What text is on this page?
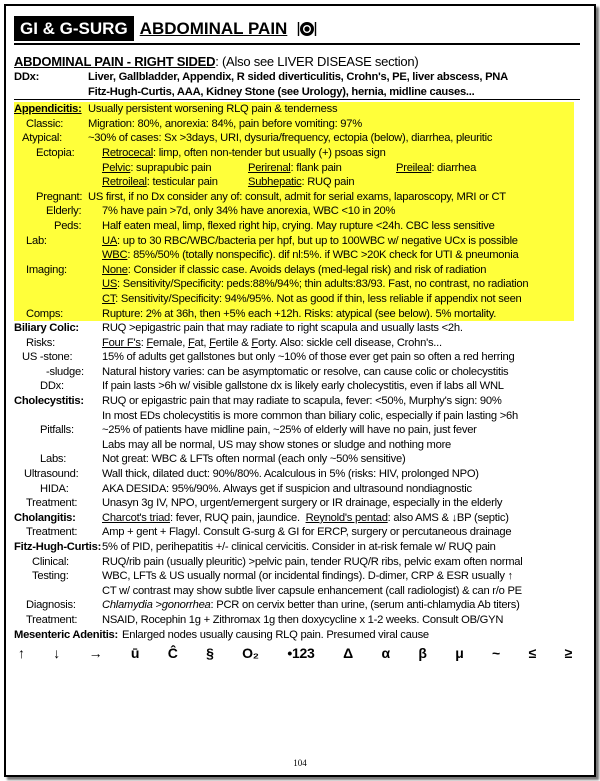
GI & G-SURG ABDOMINAL PAIN
ABDOMINAL PAIN - RIGHT SIDED: (Also see LIVER DISEASE section)
DDx:	Liver, Gallbladder, Appendix, R sided diverticulitis, Crohn's, PE, liver abscess, PNA
Fitz-Hugh-Curtis, AAA, Kidney Stone (see Urology), hernia, midline causes...
Appendicitis: Usually persistent worsening RLQ pain & tenderness
Classic:	Migration: 80%, anorexia: 84%, pain before vomiting: 97%
Atypical:	~30% of cases: Sx >3days, URI, dysuria/frequency, ectopia (below), diarrhea, pleuritic
Ectopia:	Retrocecal: limp, often non-tender but usually (+) psoas sign
Pelvic: suprapubic pain	Perirenal: flank pain	Preileal: diarrhea
Retroileal: testicular pain	Subhepatic: RUQ pain
Pregnant: US first, if no Dx consider any of: consult, admit for serial exams, laparoscopy, MRI or CT
Elderly:	7% have pain >7d, only 34% have anorexia, WBC <10 in 20%
Peds:	Half eaten meal, limp, flexed right hip, crying. May rupture <24h. CBC less sensitive
Lab:	UA: up to 30 RBC/WBC/bacteria per hpf, but up to 100WBC w/ negative UCx is possible
WBC: 85%/50% (totally nonspecific). dif nl:5%. if WBC >20K check for UTI & pneumonia
Imaging:	None: Consider if classic case. Avoids delays (med-legal risk) and risk of radiation
US: Sensitivity/Specificity: peds:88%/94%; thin adults:83/93. Fast, no contrast, no radiation
CT: Sensitivity/Specificity: 94%/95%. Not as good if thin, less reliable if appendix not seen
Comps:	Rupture: 2% at 36h, then +5% each +12h. Risks: atypical (see below). 5% mortality.
Biliary Colic:	RUQ >epigastric pain that may radiate to right scapula and usually lasts <2h.
Risks:	Four F's: Female, Fat, Fertile & Forty. Also: sickle cell disease, Crohn's...
US -stone:	15% of adults get gallstones but only ~10% of those ever get pain so often a red herring
-sludge:	Natural history varies: can be asymptomatic or resolve, can cause colic or cholecystitis
DDx:	If pain lasts >6h w/ visible gallstone dx is likely early cholecystitis, even if labs all WNL
Cholecystitis:	RUQ or epigastric pain that may radiate to scapula, fever: <50%, Murphy's sign: 90%
In most EDs cholecystitis is more common than biliary colic, especially if pain lasting >6h
Pitfalls:	~25% of patients have midline pain, ~25% of elderly will have no pain, just fever
Labs may all be normal, US may show stones or sludge and nothing more
Labs:	Not great: WBC & LFTs often normal (each only ~50% sensitive)
Ultrasound:	Wall thick, dilated duct: 90%/80%. Acalculous in 5% (risks: HIV, prolonged NPO)
HIDA:	AKA DESIDA: 95%/90%. Always get if suspicion and ultrasound nondiagnostic
Treatment:	Unasyn 3g IV, NPO, urgent/emergent surgery or IR drainage, especially in the elderly
Cholangitis:	Charcot's triad: fever, RUQ pain, jaundice. Reynold's pentad: also AMS & ↓BP (septic)
Treatment:	Amp + gent + Flagyl. Consult G-surg & GI for ERCP, surgery or percutaneous drainage
Fitz-Hugh-Curtis: 5% of PID, perihepatitis +/- clinical cervicitis. Consider in at-risk female w/ RUQ pain
Clinical:	RUQ/rib pain (usually pleuritic) >pelvic pain, tender RUQ/R ribs, pelvic exam often normal
Testing:	WBC, LFTs & US usually normal (or incidental findings). D-dimer, CRP & ESR usually ↑
CT w/ contrast may show subtle liver capsule enhancement (call radiologist) & can r/o PE
Diagnosis:	Chlamydia >gonorrhea: PCR on cervix better than urine, (serum anti-chlamydia Ab titers)
Treatment:	NSAID, Rocephin 1g + Zithromax 1g then doxycycline x 1-2 weeks. Consult OB/GYN
Mesenteric Adenitis: Enlarged nodes usually causing RLQ pain. Presumed viral cause
↑ ↓ → ū Ĉ § O₂ •123 Δ α β μ ~ ≤ ≥
104
